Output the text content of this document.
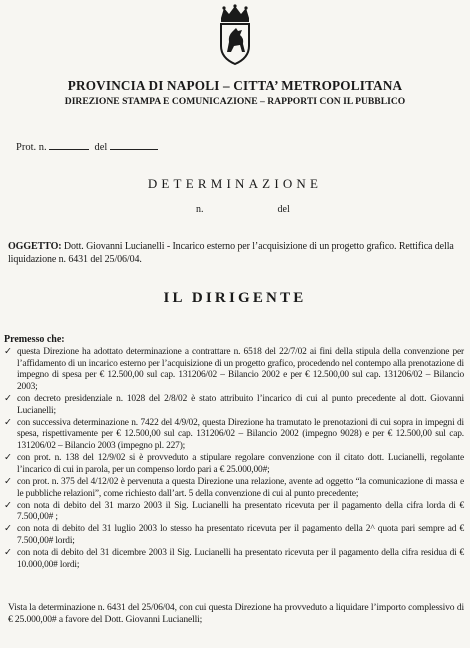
PROVINCIA DI NAPOLI – CITTA’ METROPOLITANA
DIREZIONE STAMPA E COMUNICAZIONE – RAPPORTI CON IL PUBBLICO
Prot. n.	del
DETERMINAZIONE
n.	del
OGGETTO: Dott. Giovanni Lucianelli - Incarico esterno per l’acquisizione di un progetto grafico. Rettifica della liquidazione n. 6431 del 25/06/04.
IL DIRIGENTE
Premesso che:
✓ questa Direzione ha adottato determinazione a contrattare n. 6518 del 22/7/02 ai fini della stipula della convenzione per l’affidamento di un incarico esterno per l’acquisizione di un progetto grafico, procedendo nel contempo alla prenotazione di impegno di spesa per € 12.500,00 sul cap. 131206/02 – Bilancio 2002 e per € 12.500,00 sul cap. 131206/02 – Bilancio 2003;
✓ con decreto presidenziale n. 1028 del 2/8/02 è stato attribuito l’incarico di cui al punto precedente al dott. Giovanni Lucianelli;
✓ con successiva determinazione n. 7422 del 4/9/02, questa Direzione ha tramutato le prenotazioni di cui sopra in impegni di spesa, rispettivamente per € 12.500,00 sul cap. 131206/02 – Bilancio 2002 (impegno 9028) e per € 12.500,00 sul cap. 131206/02 – Bilancio 2003 (impegno pl. 227);
✓ con prot. n. 138 del 12/9/02 si è provveduto a stipulare regolare convenzione con il citato dott. Lucianelli, regolante l’incarico di cui in parola, per un compenso lordo pari a € 25.000,00#;
✓ con prot. n. 375 del 4/12/02 è pervenuta a questa Direzione una relazione, avente ad oggetto “la comunicazione di massa e le pubbliche relazioni”, come richiesto dall’art. 5 della convenzione di cui al punto precedente;
✓ con nota di debito del 31 marzo 2003 il Sig. Lucianelli ha presentato ricevuta per il pagamento della cifra lorda di € 7.500,00# ;
✓ con nota di debito del 31 luglio 2003 lo stesso ha presentato ricevuta per il pagamento della 2^ quota pari sempre ad € 7.500,00# lordi;
✓ con nota di debito del 31 dicembre 2003 il Sig. Lucianelli ha presentato ricevuta per il pagamento della cifra residua di € 10.000,00# lordi;
Vista la determinazione n. 6431 del 25/06/04, con cui questa Direzione ha provveduto a liquidare l’importo complessivo di € 25.000,00# a favore del Dott. Giovanni Lucianelli;
